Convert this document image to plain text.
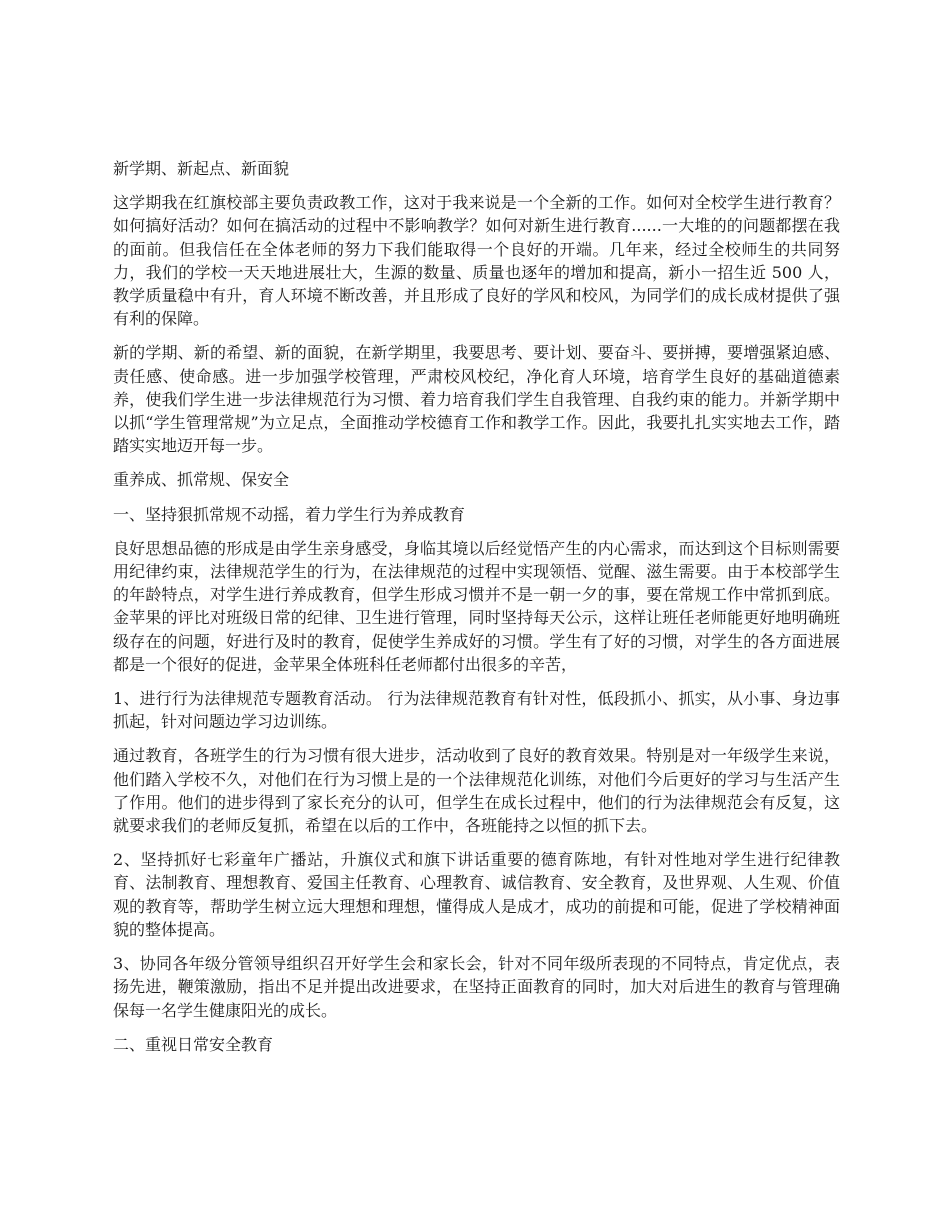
新学期、新起点、新面貌

这学期我在红旗校部主要负责政教工作，这对于我来说是一个全新的工作。如何对全校学生进行教育？如何搞好活动？如何在搞活动的过程中不影响教学？如何对新生进行教育......一大堆的的问题都摆在我的面前。但我信任在全体老师的努力下我们能取得一个良好的开端。几年来，经过全校师生的共同努力，我们的学校一天天地进展壮大，生源的数量、质量也逐年的增加和提高，新小一招生近 500 人，教学质量稳中有升，育人环境不断改善，并且形成了良好的学风和校风，为同学们的成长成材提供了强有利的保障。

新的学期、新的希望、新的面貌，在新学期里，我要思考、要计划、要奋斗、要拼搏，要增强紧迫感、责任感、使命感。进一步加强学校管理，严肃校风校纪，净化育人环境，培育学生良好的基础道德素养，使我们学生进一步法律规范行为习惯、着力培育我们学生自我管理、自我约束的能力。并新学期中以抓“学生管理常规”为立足点，全面推动学校德育工作和教学工作。因此，我要扎扎实实地去工作，踏踏实实地迈开每一步。

重养成、抓常规、保安全

一、坚持狠抓常规不动摇，着力学生行为养成教育

良好思想品德的形成是由学生亲身感受，身临其境以后经觉悟产生的内心需求，而达到这个目标则需要用纪律约束，法律规范学生的行为，在法律规范的过程中实现领悟、觉醒、滋生需要。由于本校部学生的年龄特点，对学生进行养成教育，但学生形成习惯并不是一朝一夕的事，要在常规工作中常抓到底。金苹果的评比对班级日常的纪律、卫生进行管理，同时坚持每天公示，这样让班任老师能更好地明确班级存在的问题，好进行及时的教育，促使学生养成好的习惯。学生有了好的习惯，对学生的各方面进展都是一个很好的促进，金苹果全体班科任老师都付出很多的辛苦，

1、进行行为法律规范专题教育活动。 行为法律规范教育有针对性，低段抓小、抓实，从小事、身边事抓起，针对问题边学习边训练。

通过教育，各班学生的行为习惯有很大进步，活动收到了良好的教育效果。特别是对一年级学生来说，他们踏入学校不久，对他们在行为习惯上是的一个法律规范化训练，对他们今后更好的学习与生活产生了作用。他们的进步得到了家长充分的认可，但学生在成长过程中，他们的行为法律规范会有反复，这就要求我们的老师反复抓，希望在以后的工作中，各班能持之以恒的抓下去。

2、坚持抓好七彩童年广播站，升旗仪式和旗下讲话重要的德育陈地，有针对性地对学生进行纪律教育、法制教育、理想教育、爱国主任教育、心理教育、诚信教育、安全教育，及世界观、人生观、价值观的教育等，帮助学生树立远大理想和理想，懂得成人是成才，成功的前提和可能，促进了学校精神面貌的整体提高。

3、协同各年级分管领导组织召开好学生会和家长会，针对不同年级所表现的不同特点，肯定优点，表扬先进，鞭策激励，指出不足并提出改进要求，在坚持正面教育的同时，加大对后进生的教育与管理确保每一名学生健康阳光的成长。

二、重视日常安全教育
